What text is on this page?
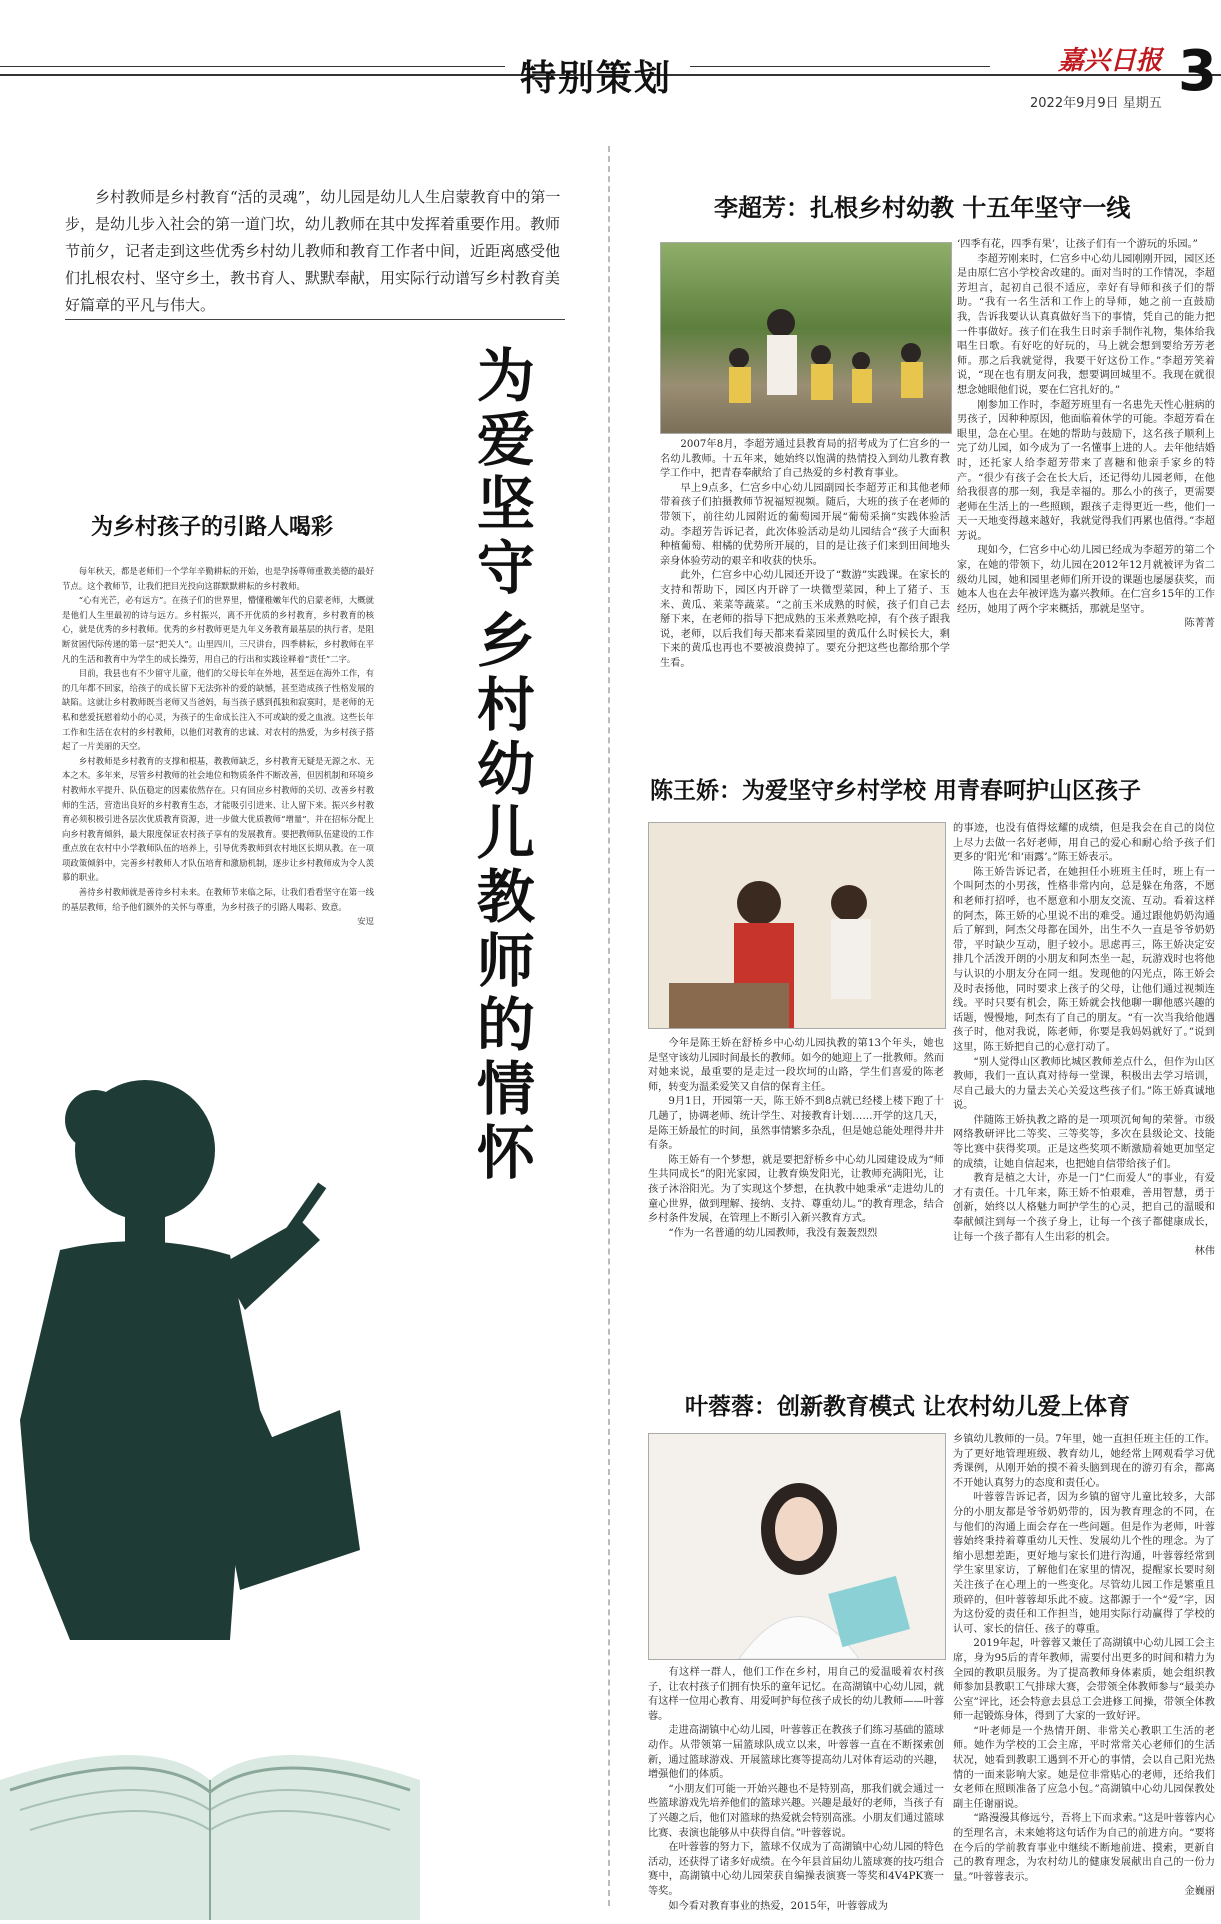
特别策划	嘉兴日报
2022年9月9日 星期五 3
乡村教师是乡村教育“活的灵魂”，幼儿园是幼儿人生启蒙教育中的第一步，是幼儿步入社会的第一道门坎，幼儿教师在其中发挥着重要作用。教师节前夕，记者走到这些优秀乡村幼儿教师和教育工作者中间，近距离感受他们扎根农村、坚守乡土，教书育人、默默奉献，用实际行动谱写乡村教育美好篇章的平凡与伟大。
为爱坚守
乡村幼儿教师的情怀
为乡村孩子的引路人喝彩

每年秋天，都是老师们一个学年辛勤耕耘的开始，也是孕扬尊师重教美德的最好节点。这个教师节，让我们把目光投向这群默默耕耘的乡村教师。

“心有光芒，必有远方”。在孩子们的世界里，懵懂稚嫩年代的启蒙老师，大概就是他们人生里最初的诗与远方。乡村振兴，离不开优质的乡村教育，乡村教育的核心，就是优秀的乡村教师。优秀的乡村教师更是九年义务教育最基层的执行者，是阻断贫困代际传递的第一层“把关人”。山里四川，三尺讲台，四季耕耘，乡村教师在平凡的生活和教育中为学生的成长操劳，用自己的行出和实践诠释着“责任”二字。

目前，我县也有不少留守儿童，他们的父母长年在外地，甚至远在海外工作，有的几年都不回家，给孩子的成长留下无法弥补的爱的缺憾，甚至造成孩子性格发展的缺陷。这就让乡村教师既当老师又当爸妈，每当孩子感到孤独和寂寞时，是老师的无私和慈爱抚慰着幼小的心灵，为孩子的生命成长注入不可或缺的爱之血液。这些长年工作和生活在农村的乡村教师，以他们对教育的忠诚、对农村的热爱，为乡村孩子搭起了一片美丽的天空。

乡村教师是乡村教育的支撑和根基，教教师缺乏，乡村教育无疑是无源之水、无本之木。多年来，尽管乡村教师的社会地位和物质条件不断改善，但因机制和环境乡村教师水平提升、队伍稳定的因素依然存在。只有回应乡村教师的关切、改善乡村教师的生活，营造出良好的乡村教育生态，才能吸引引进来、让人留下来。振兴乡村教育必须积极引进各层次优质教育资源，进一步做大优质教师“增量”，并在招标分配上向乡村教育倾斜，最大限度保证农村孩子享有的发展教育。要把教师队伍建设的工作重点放在农村中小学教师队伍的培养上，引导优秀教师到农村地区长期从教。在一项项政策倾斜中，完善乡村教师人才队伍培育和激励机制，逐步让乡村教师成为令人羡慕的职业。

善待乡村教师就是善待乡村未来。在教师节来临之际，让我们看看坚守在第一线的基层教师，给予他们额外的关怀与尊重，为乡村孩子的引路人喝彩、致意。

安逗

李超芳：扎根乡村幼教 十五年坚守一线

2007年8月，李超芳通过县教育局的招考成为了仁宫乡的一名幼儿教师。十五年来，她始终以饱满的热情投入到幼儿教育教学工作中，把青春奉献给了自己热爱的乡村教育事业。

早上9点多，仁宫乡中心幼儿园副园长李超芳正和其他老师带着孩子们拍摄教师节祝福短视频。随后，大班的孩子在老师的带领下，前往幼儿园附近的葡萄园开展“葡萄采摘”实践体验活动。李超芳告诉记者，此次体验活动是幼儿园结合“孩子大面积种植葡萄、柑橘的优势所开展的，目的是让孩子们来到田间地头亲身体验劳动的艰辛和收获的快乐。

此外，仁宫乡中心幼儿园还开设了“数游”实践课。在家长的支持和帮助下，园区内开辟了一块微型菜园，种上了猪子、玉米、黄瓜、莱菜等蔬菜。“之前玉米成熟的时候，孩子们自己去掰下来，在老师的指导下把成熟的玉米煮熟吃掉，有个孩子跟我说，老师，以后我们每天都来看菜园里的黄瓜什么时候长大，剩下来的黄瓜也再也不要被浪费掉了。要充分把这些也都给那个学生看。

‘四季有花，四季有果’，让孩子们有一个游玩的乐园。”

李超芳刚来时，仁宫乡中心幼儿园刚刚开园，园区还是由原仁宫小学校舍改建的。面对当时的工作情况，李超芳坦言，起初自己很不适应，幸好有导师和孩子们的帮助。“我有一名生活和工作上的导师，她之前一直鼓励我，告诉我要认认真真做好当下的事情，凭自己的能力把一件事做好。孩子们在我生日时亲手制作礼物，集体给我唱生日歌。有好吃的好玩的，马上就会想到要给芳芳老师。那之后我就觉得，我要干好这份工作。”李超芳笑着说，“现在也有朋友问我，想要调回城里不。我现在就很想念她眼他们说，要在仁宫扎好的。”

刚参加工作时，李超芳班里有一名患先天性心脏病的男孩子，因种种原因，他面临着休学的可能。李超芳看在眼里，急在心里。在她的帮助与鼓励下，这名孩子顺利上完了幼儿园，如今成为了一名懂事上进的人。去年他结婚时，还托家人给李超芳带来了喜糖和他亲手家乡的特产。“很少有孩子会在长大后，还记得幼儿园老师，在他给我很喜的那一刻，我是幸福的。那么小的孩子，更需要老师在生活上的一些照顾，跟孩子走得更近一些，他们一天一天地变得越来越好，我就觉得我们再累也值得。”李超芳说。

现如今，仁宫乡中心幼儿园已经成为李超芳的第二个家，在她的带领下，幼儿园在2012年12月就被评为省二级幼儿园，她和园里老师们所开设的课题也屡屡获奖，而她本人也在去年被评选为嘉兴教师。在仁宫乡15年的工作经历，她用了两个字来概括，那就是坚守。

陈菁菁

陈王娇：为爱坚守乡村学校 用青春呵护山区孩子

今年是陈王娇在舒桥乡中心幼儿园执教的第13个年头，她也是坚守该幼儿园时间最长的教师。如今的她迎上了一批教师。然而对她来说，最重要的是走过一段坎坷的山路，学生们喜爱的陈老师，转变为温柔爱笑又自信的保育主任。

9月1日，开园第一天，陈王娇不到8点就已经楼上楼下跑了十几趟了，协调老师、统计学生、对接教育计划……开学的这几天，是陈王娇最忙的时间，虽然事情繁多杂乱，但是她总能处理得井井有条。

陈王娇有一个梦想，就是要把舒桥乡中心幼儿园建设成为“师生共同成长”的阳光家园，让教育焕发阳光，让教师充满阳光，让孩子沐浴阳光。为了实现这个梦想，在执教中她秉承“走进幼儿的童心世界，做到理解、接纳、支持、尊重幼儿。”的教育理念，结合乡村条件发展，在管理上不断引入新兴教育方式。

“作为一名普通的幼儿园教师，我没有轰轰烈烈

的事迹，也没有值得炫耀的成绩，但是我会在自己的岗位上尽力去做一名好老师，用自己的爱心和耐心给予孩子们更多的‘阳光’和‘雨露’。”陈王娇表示。

陈王娇告诉记者，在她担任小班班主任时，班上有一个叫阿杰的小男孩，性格非常内向，总是躲在角落，不愿和老师打招呼，也不愿意和小朋友交流、互动。看着这样的阿杰，陈王娇的心里说不出的难受。通过跟他奶奶沟通后了解到，阿杰父母都在国外，出生不久一直是爷爷奶奶带，平时缺少互动，胆子较小。思虑再三，陈王娇决定安排几个活泼开朗的小朋友和阿杰坐一起，玩游戏时也将他与认识的小朋友分在同一组。发现他的闪光点，陈王娇会及时表扬他，同时要求上孩子的父母，让他们通过视频连线。平时只要有机会，陈王娇就会找他聊一聊他感兴趣的话题，慢慢地，阿杰有了自己的朋友。“有一次当我给他遇孩子时，他对我说，陈老师，你要是我妈妈就好了。”说到这里，陈王娇把自己的心意打动了。

“别人觉得山区教师比城区教师差点什么，但作为山区教师，我们一直认真对待每一堂课，积极出去学习培训，尽自己最大的力量去关心关爱这些孩子们。”陈王娇真诚地说。

伴随陈王娇执教之路的是一项项沉甸甸的荣誉。市级网络教研评比二等奖、三等奖等，多次在县级论文、技能等比赛中获得奖项。正是这些奖项不断激励着她更加坚定的成绩，让她自信起来，也把她自信带给孩子们。

教育是植之大计，亦是一门“仁而爱人”的事业，有爱才有责任。十几年来，陈王娇不怕艰难，善用智慧，勇于创新，始终以人格魅力呵护学生的心灵，把自己的温暖和奉献倾注到每一个孩子身上，让每一个孩子都健康成长，让每一个孩子都有人生出彩的机会。

林伟

叶蓉蓉：创新教育模式 让农村幼儿爱上体育

有这样一群人，他们工作在乡村，用自己的爱温暖着农村孩子，让农村孩子们拥有快乐的童年记忆。在高湖镇中心幼儿园，就有这样一位用心教育、用爱呵护每位孩子成长的幼儿教师——叶蓉蓉。

走进高湖镇中心幼儿园，叶蓉蓉正在教孩子们练习基础的篮球动作。从带领第一届篮球队成立以来，叶蓉蓉一直在不断探索创新，通过篮球游戏、开展篮球比赛等提高幼儿对体育运动的兴趣，增强他们的体质。

“小朋友们可能一开始兴趣也不是特别高，那我们就会通过一些篮球游戏先培养他们的篮球兴趣。兴趣是最好的老师，当孩子有了兴趣之后，他们对篮球的热爱就会特别高涨。小朋友们通过篮球比赛、表演也能够从中获得自信。”叶蓉蓉说。

在叶蓉蓉的努力下，篮球不仅成为了高湖镇中心幼儿园的特色活动，还获得了诸多好成绩。在今年县首届幼儿篮球赛的技巧组合赛中，高湖镇中心幼儿园荣获自编操表演赛一等奖和4V4PK赛一等奖。

如今看对教育事业的热爱，2015年，叶蓉蓉成为

乡镇幼儿教师的一员。7年里，她一直担任班主任的工作。为了更好地管理班级、教育幼儿，她经常上网观看学习优秀课例，从刚开始的摸不着头脑到现在的游刃有余，都离不开她认真努力的态度和责任心。

叶蓉蓉告诉记者，因为乡镇的留守儿童比较多，大部分的小朋友都是爷爷奶奶带的，因为教育理念的不同，在与他们的沟通上面会存在一些问题。但是作为老师，叶蓉蓉始终秉持着尊重幼儿天性、发展幼儿个性的理念。为了缩小思想差距，更好地与家长们进行沟通，叶蓉蓉经常到学生家里家访，了解他们在家里的情况，提醒家长要时刻关注孩子在心理上的一些变化。尽管幼儿园工作是繁重且琐碎的，但叶蓉蓉却乐此不疲。这都源于一个“爱”字，因为这份爱的责任和工作担当，她用实际行动赢得了学校的认可、家长的信任、孩子的尊重。

2019年起，叶蓉蓉又兼任了高湖镇中心幼儿园工会主席，身为95后的青年教师，需要付出更多的时间和精力为全园的教职员服务。为了提高教师身体素质，她会组织教师参加县教职工气排球大赛，会带领全体教师参与“最美办公室”评比，还会特意去县总工会进修工间操，带领全体教师一起锻炼身体，得到了大家的一致好评。

“叶老师是一个热情开朗、非常关心教职工生活的老师。她作为学校的工会主席，平时常常关心老师们的生活状况，她看到教职工遇到不开心的事情，会以自己阳光热情的一面来影响大家。她是位非常贴心的老师，还给我们女老师在照顾准备了应急小包。”高湖镇中心幼儿园保教处副主任谢丽说。

“路漫漫其修远兮，吾将上下而求索。”这是叶蓉蓉内心的至理名言，未来她将这句话作为自己的前进方向。“要将在今后的学前教育事业中继续不断地前进、摸索，更新自己的教育理念，为农村幼儿的健康发展献出自己的一份力量。”叶蓉蓉表示。

金巍丽
